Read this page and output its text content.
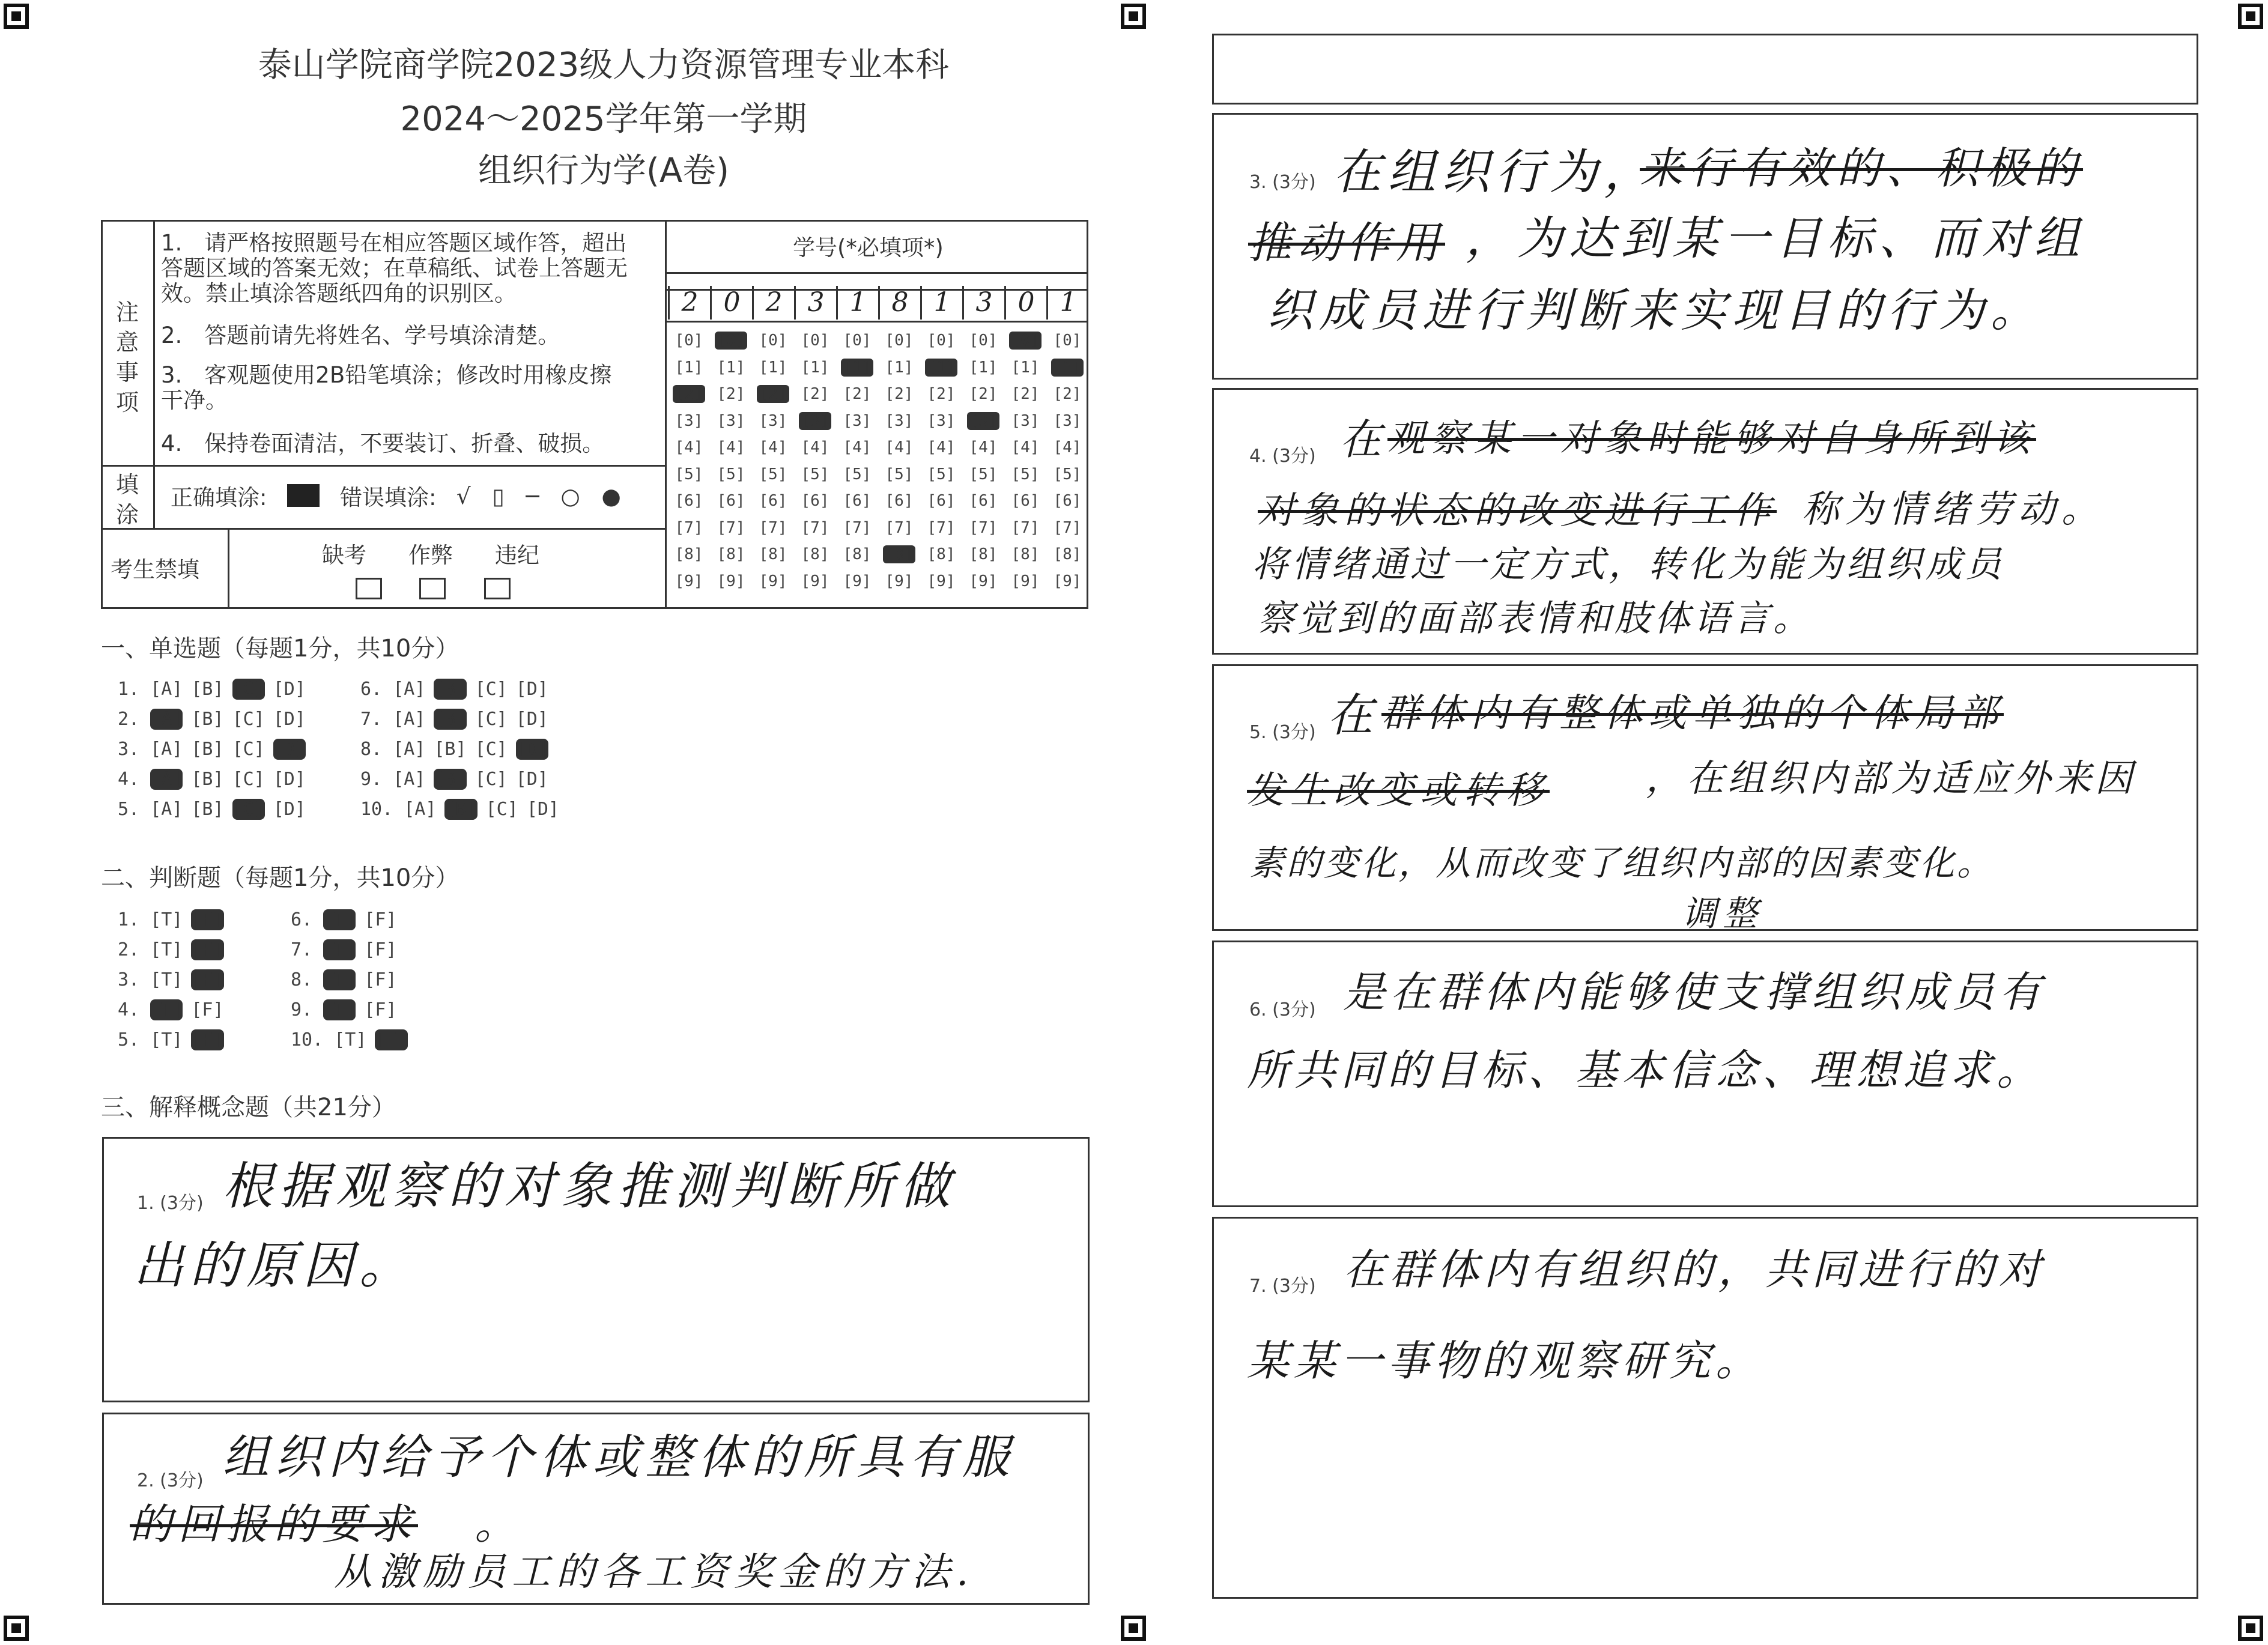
泰山学院商学院2023级人力资源管理专业本科
2024～2025学年第一学期
组织行为学(A卷)
注意事项
1.　请严格按照题号在相应答题区域作答，超出答题区域的答案无效；在草稿纸、试卷上答题无效。禁止填涂答题纸四角的识别区。
2.　答题前请先将姓名、学号填涂清楚。
3.　客观题使用2B铅笔填涂；修改时用橡皮擦干净。
4.　保持卷面清洁，不要装订、折叠、破损。
填涂
正确填涂:	错误填涂: √ ▯ ─ ○ ●
考生禁填
缺考 作弊 违纪
学号(*必填项*)
2 0 2 3 1 8 1 3 0 1
[0]
[1]
[2]
[3]
[4]
[5]
[6]
[7]
[8]
[9]
[0]
[1]
[2]
[3]
[4]
[5]
[6]
[7]
[8]
[9]
[0]
[1]
[2]
[3]
[4]
[5]
[6]
[7]
[8]
[9]
[0]
[1]
[2]
[3]
[4]
[5]
[6]
[7]
[8]
[9]
[0]
[1]
[2]
[3]
[4]
[5]
[6]
[7]
[8]
[9]
[0]
[1]
[2]
[3]
[4]
[5]
[6]
[7]
[8]
[9]
[0]
[1]
[2]
[3]
[4]
[5]
[6]
[7]
[8]
[9]
[0]
[1]
[2]
[3]
[4]
[5]
[6]
[7]
[8]
[9]
[0]
[1]
[2]
[3]
[4]
[5]
[6]
[7]
[8]
[9]
[0]
[1]
[2]
[3]
[4]
[5]
[6]
[7]
[8]
[9]
一、单选题（每题1分，共10分）
1. [A] [B] [C] [D]
2. [A] [B] [C] [D]
3. [A] [B] [C] [D]
4. [A] [B] [C] [D]
5. [A] [B] [C] [D]
6. [A] [B] [C] [D]
7. [A] [B] [C] [D]
8. [A] [B] [C] [D]
9. [A] [B] [C] [D]
10. [A] [B] [C] [D]
二、判断题（每题1分，共10分）
1. [T] [F]
2. [T] [F]
3. [T] [F]
4. [T] [F]
5. [T] [F]
6. [T] [F]
7. [T] [F]
8. [T] [F]
9. [T] [F]
10. [T] [F]
三、解释概念题（共21分）
1. (3分) 根据观察的对象推测判断所做
出的原因。
2. (3分) 组织内给予个体或整体的所具有服
的回报的要求 。
从激励员工的各工资奖金的方法.
3. (3分) 在组织行为，
来行有效的、积极的
推动作用 ，为达到某一目标、而对组
织成员进行判断来实现目的行为。
4. (3分) 在 观察某一对象时能够对自身所到该
对象的状态的改变进行工作 称为情绪劳动。
将情绪通过一定方式，转化为能为组织成员
察觉到的面部表情和肢体语言。
5. (3分) 在 群体内有整体或单独的个体局部
发生改变或转移	，在组织内部为适应外来因
素的变化，从而改变了组织内部的因素变化。
调整
6. (3分) 是在群体内能够使支撑组织成员有
所共同的目标、基本信念、理想追求。
7. (3分) 在群体内有组织的，共同进行的对
某某一事物的观察研究。
